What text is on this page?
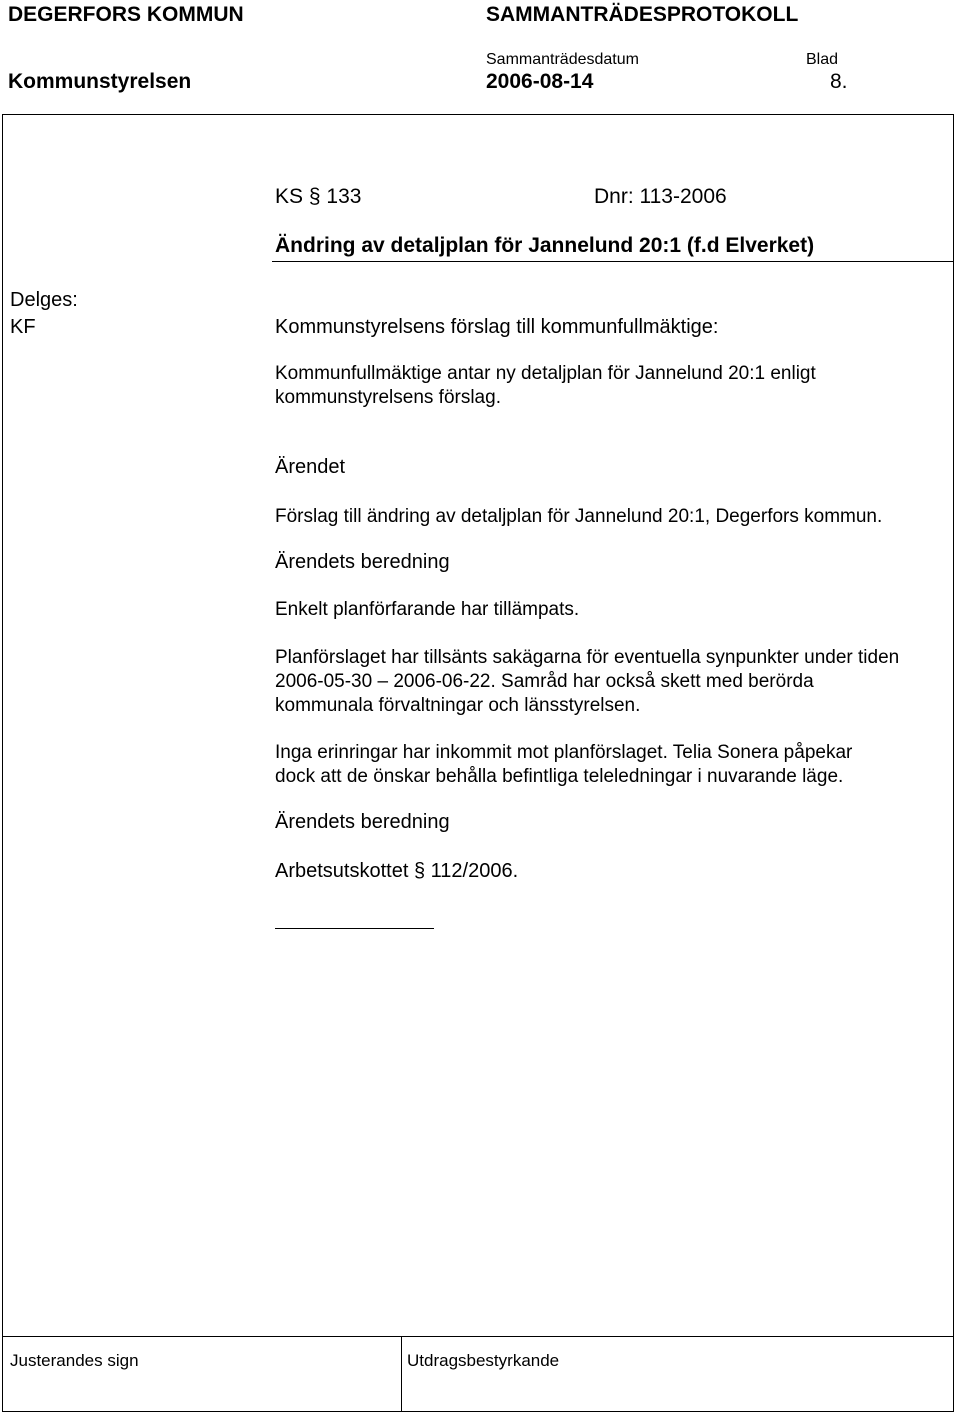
DEGERFORS KOMMUN	SAMMANTRÄDESPROTOKOLL
Sammanträdesdatum	Blad
Kommunstyrelsen	2006-08-14	8.
KS § 133	Dnr: 113-2006
Ändring av detaljplan för Jannelund 20:1 (f.d Elverket)
Delges:
KF	Kommunstyrelsens förslag till kommunfullmäktige:
Kommunfullmäktige antar ny detaljplan för Jannelund 20:1 enligt
kommunstyrelsens förslag.
Ärendet
Förslag till ändring av detaljplan för Jannelund 20:1, Degerfors kommun.
Ärendets beredning
Enkelt planförfarande har tillämpats.
Planförslaget har tillsänts sakägarna för eventuella synpunkter under tiden
2006-05-30 – 2006-06-22. Samråd har också skett med berörda
kommunala förvaltningar och länsstyrelsen.
Inga erinringar har inkommit mot planförslaget. Telia Sonera påpekar
dock att de önskar behålla befintliga teleledningar i nuvarande läge.
Ärendets beredning
Arbetsutskottet § 112/2006.
Justerandes sign	Utdragsbestyrkande
